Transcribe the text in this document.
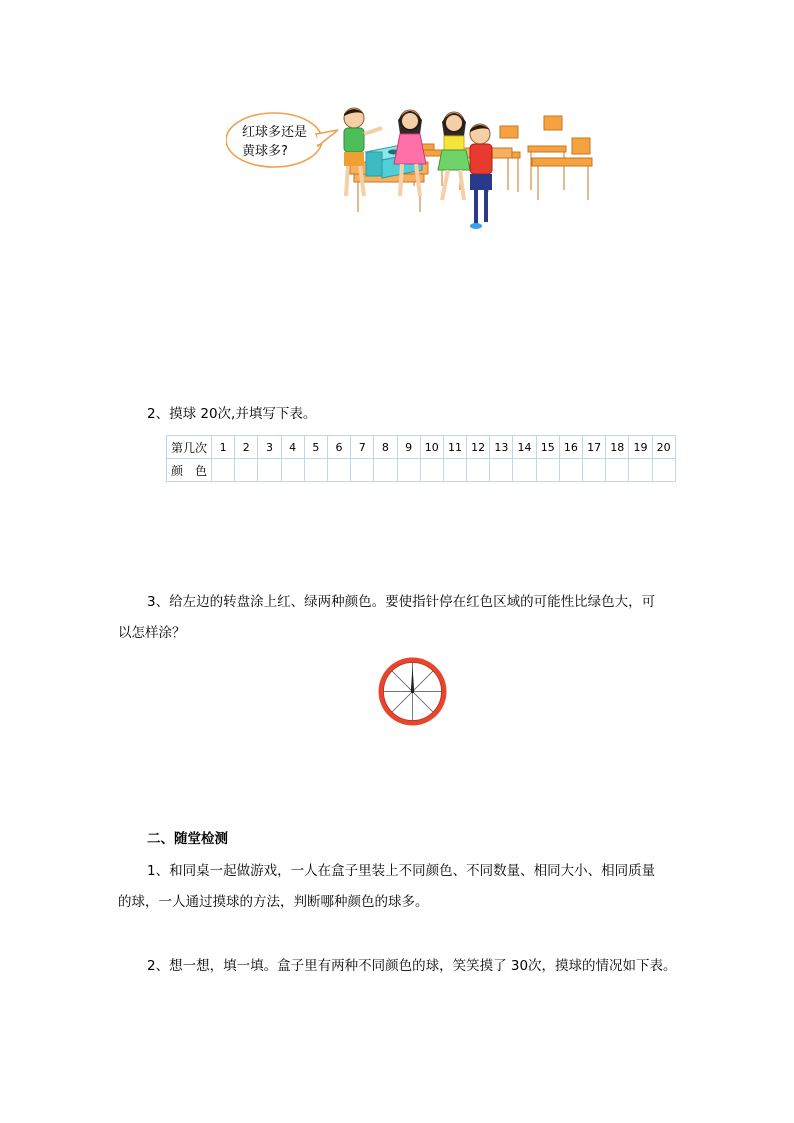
红球多还是
黄球多?
2、摸球 20次,并填写下表。
第几次	1	2	3	4	5	6	7	8	9	10	11	12	13	14	15	16	17	18	19	20
颜　色																				
3、给左边的转盘涂上红、绿两种颜色。要使指针停在红色区域的可能性比绿色大，可
以怎样涂？
二、随堂检测
1、和同桌一起做游戏，一人在盒子里装上不同颜色、不同数量、相同大小、相同质量
的球，一人通过摸球的方法，判断哪种颜色的球多。
2、想一想，填一填。盒子里有两种不同颜色的球，笑笑摸了 30次，摸球的情况如下表。
